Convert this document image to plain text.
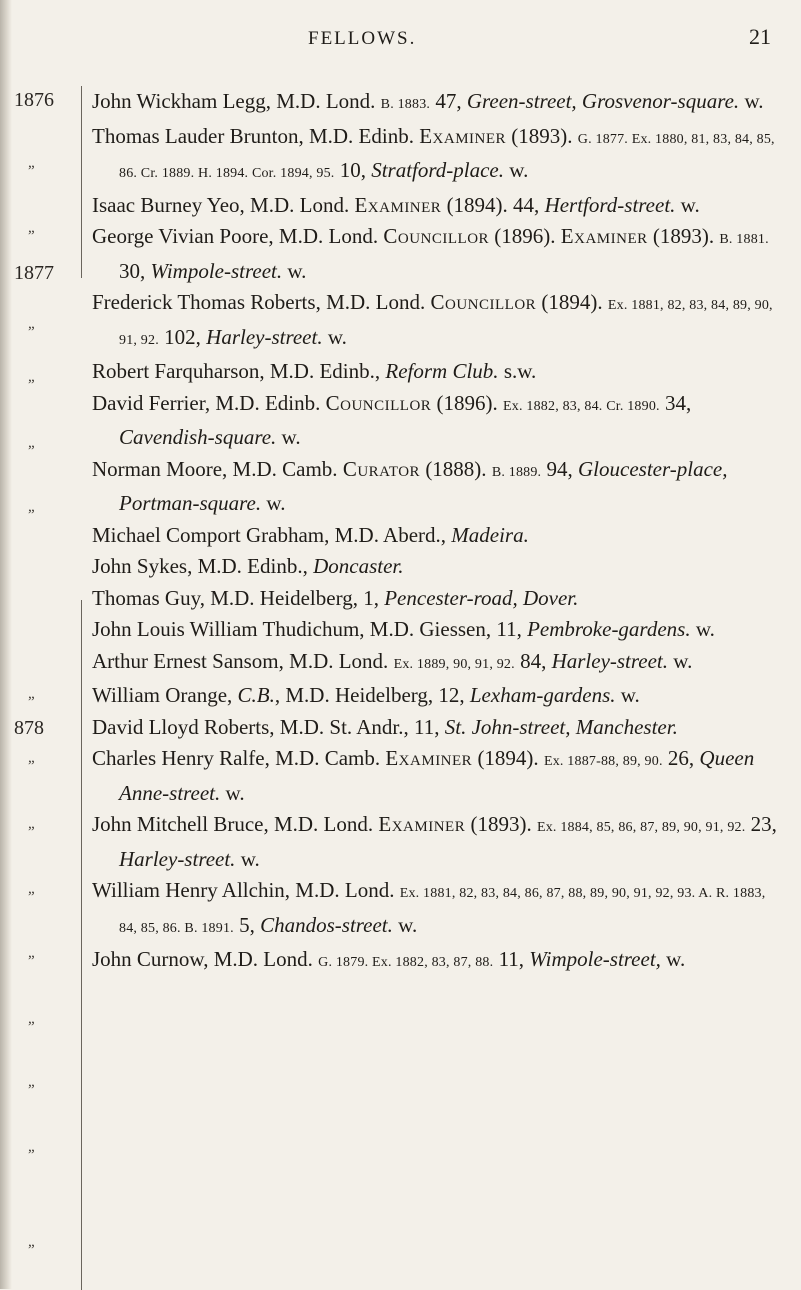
FELLOWS.	21
1876
1877
878
„
„
„
„
„
„
„
„
„
„
„
„
„
„
„

John Wickham Legg, M.D. Lond. B. 1883. 47, Green-street, Grosvenor-square. w.

Thomas Lauder Brunton, M.D. Edinb. Examiner (1893). G. 1877. Ex. 1880, 81, 83, 84, 85, 86. Cr. 1889. H. 1894. Cor. 1894, 95. 10, Stratford-place. w.

Isaac Burney Yeo, M.D. Lond. Examiner (1894). 44, Hertford-street. w.

George Vivian Poore, M.D. Lond. Councillor (1896). Examiner (1893). B. 1881. 30, Wimpole-street. w.

Frederick Thomas Roberts, M.D. Lond. Councillor (1894). Ex. 1881, 82, 83, 84, 89, 90, 91, 92. 102, Harley-street. w.

Robert Farquharson, M.D. Edinb., Reform Club. s.w.

David Ferrier, M.D. Edinb. Councillor (1896). Ex. 1882, 83, 84. Cr. 1890. 34, Cavendish-square. w.

Norman Moore, M.D. Camb. Curator (1888). B. 1889. 94, Gloucester-place, Portman-square. w.

Michael Comport Grabham, M.D. Aberd., Madeira.

John Sykes, M.D. Edinb., Doncaster.

Thomas Guy, M.D. Heidelberg, 1, Pencester-road, Dover.

John Louis William Thudichum, M.D. Giessen, 11, Pembroke-gardens. w.

Arthur Ernest Sansom, M.D. Lond. Ex. 1889, 90, 91, 92. 84, Harley-street. w.

William Orange, C.B., M.D. Heidelberg, 12, Lexham-gardens. w.

David Lloyd Roberts, M.D. St. Andr., 11, St. John-street, Manchester.

Charles Henry Ralfe, M.D. Camb. Examiner (1894). Ex. 1887-88, 89, 90. 26, Queen Anne-street. w.

John Mitchell Bruce, M.D. Lond. Examiner (1893). Ex. 1884, 85, 86, 87, 89, 90, 91, 92. 23, Harley-street. w.

William Henry Allchin, M.D. Lond. Ex. 1881, 82, 83, 84, 86, 87, 88, 89, 90, 91, 92, 93. A. R. 1883, 84, 85, 86. B. 1891. 5, Chandos-street. w.

John Curnow, M.D. Lond. G. 1879. Ex. 1882, 83, 87, 88. 11, Wimpole-street, w.
